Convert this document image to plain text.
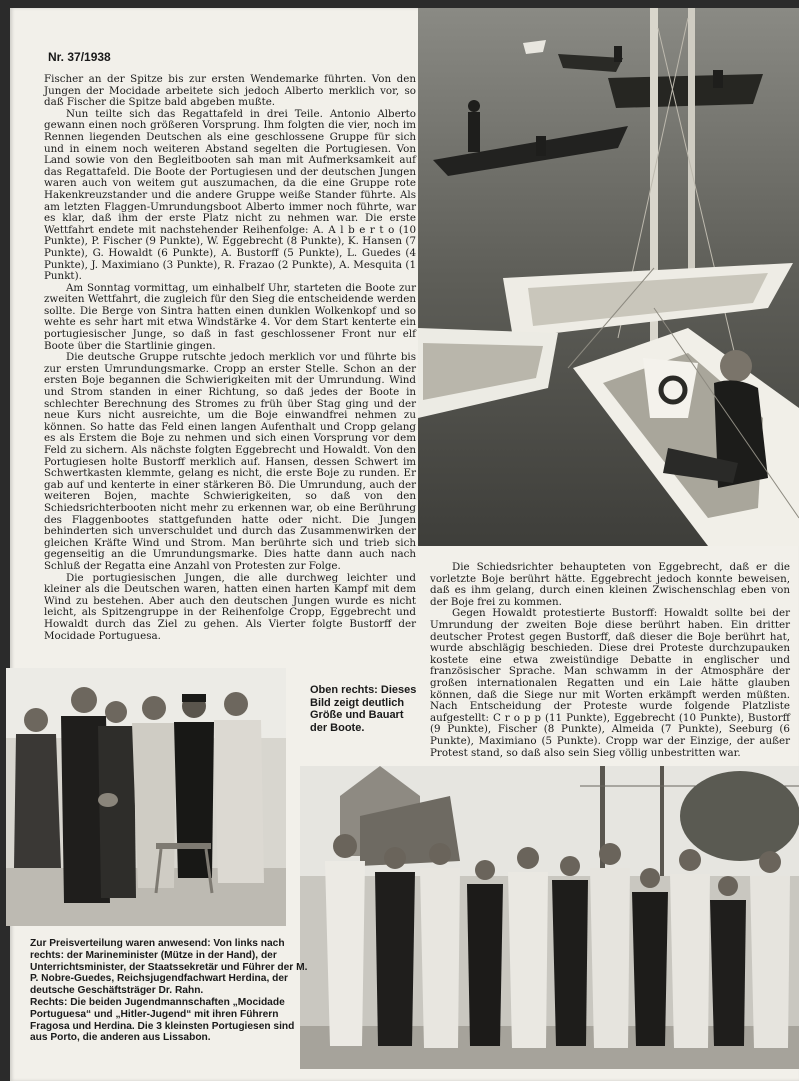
Nr. 37/1938

Fischer an der Spitze bis zur ersten Wendemarke führten. Von den Jungen der Mocidade arbeitete sich jedoch Alberto merklich vor, so daß Fischer die Spitze bald abgeben mußte.

Nun teilte sich das Regattafeld in drei Teile. Antonio Alberto gewann einen noch größeren Vorsprung. Ihm folgten die vier, noch im Rennen liegenden Deutschen als eine geschlossene Gruppe für sich und in einem noch weiteren Abstand segelten die Portugiesen. Von Land sowie von den Begleitbooten sah man mit Aufmerksamkeit auf das Regattafeld. Die Boote der Portugiesen und der deutschen Jungen waren auch von weitem gut auszumachen, da die eine Gruppe rote Hakenkreuzstander und die andere Gruppe weiße Stander führte. Als am letzten Flaggen-Umrundungsboot Alberto immer noch führte, war es klar, daß ihm der erste Platz nicht zu nehmen war. Die erste Wettfahrt endete mit nachstehender Reihenfolge: A. A l b e r t o (10 Punkte), P. Fischer (9 Punkte), W. Eggebrecht (8 Punkte), K. Hansen (7 Punkte), G. Howaldt (6 Punkte), A. Bustorff (5 Punkte), L. Guedes (4 Punkte), J. Maximiano (3 Punkte), R. Frazao (2 Punkte), A. Mesquita (1 Punkt).

Am Sonntag vormittag, um einhalbelf Uhr, starteten die Boote zur zweiten Wettfahrt, die zugleich für den Sieg die entscheidende werden sollte. Die Berge von Sintra hatten einen dunklen Wolkenkopf und so wehte es sehr hart mit etwa Windstärke 4. Vor dem Start kenterte ein portugiesischer Junge, so daß in fast geschlossener Front nur elf Boote über die Startlinie gingen.

Die deutsche Gruppe rutschte jedoch merklich vor und führte bis zur ersten Umrundungsmarke. Cropp an erster Stelle. Schon an der ersten Boje begannen die Schwierigkeiten mit der Umrundung. Wind und Strom standen in einer Richtung, so daß jedes der Boote in schlechter Berechnung des Stromes zu früh über Stag ging und der neue Kurs nicht ausreichte, um die Boje einwandfrei nehmen zu können. So hatte das Feld einen langen Aufenthalt und Cropp gelang es als Erstem die Boje zu nehmen und sich einen Vorsprung vor dem Feld zu sichern. Als nächste folgten Eggebrecht und Howaldt. Von den Portugiesen holte Bustorff merklich auf. Hansen, dessen Schwert im Schwertkasten klemmte, gelang es nicht, die erste Boje zu runden. Er gab auf und kenterte in einer stärkeren Bö. Die Umrundung, auch der weiteren Bojen, machte Schwierigkeiten, so daß von den Schiedsrichterbooten nicht mehr zu erkennen war, ob eine Berührung des Flaggenbootes stattgefunden hatte oder nicht. Die Jungen behinderten sich unverschuldet und durch das Zusammenwirken der gleichen Kräfte Wind und Strom. Man berührte sich und trieb sich gegenseitig an die Umrundungsmarke. Dies hatte dann auch nach Schluß der Regatta eine Anzahl von Protesten zur Folge.

Die portugiesischen Jungen, die alle durchweg leichter und kleiner als die Deutschen waren, hatten einen harten Kampf mit dem Wind zu bestehen. Aber auch den deutschen Jungen wurde es nicht leicht, als Spitzengruppe in der Reihenfolge Cropp, Eggebrecht und Howaldt durch das Ziel zu gehen. Als Vierter folgte Bustorff der Mocidade Portuguesa.

Die Schiedsrichter behaupteten von Eggebrecht, daß er die vorletzte Boje berührt hätte. Eggebrecht jedoch konnte beweisen, daß es ihm gelang, durch einen kleinen Zwischenschlag eben von der Boje frei zu kommen.

Gegen Howaldt protestierte Bustorff: Howaldt sollte bei der Umrundung der zweiten Boje diese berührt haben. Ein dritter deutscher Protest gegen Bustorff, daß dieser die Boje berührt hat, wurde abschlägig beschieden. Diese drei Proteste durchzupauken kostete eine etwa zweistündige Debatte in englischer und französischer Sprache. Man schwamm in der Atmosphäre der großen internationalen Regatten und ein Laie hätte glauben können, daß die Siege nur mit Worten erkämpft werden müßten. Nach Entscheidung der Proteste wurde folgende Platzliste aufgestellt: C r o p p (11 Punkte), Eggebrecht (10 Punkte), Bustorff (9 Punkte), Fischer (8 Punkte), Almeida (7 Punkte), Seeburg (6 Punkte), Maximiano (5 Punkte). Cropp war der Einzige, der außer Protest stand, so daß also sein Sieg völlig unbestritten war.

Oben rechts: Dieses Bild zeigt deutlich Größe und Bauart der Boote.

Zur Preisverteilung waren anwesend: Von links nach rechts: der Marineminister (Mütze in der Hand), der Unterrichtsminister, der Staatssekretär und Führer der M. P. Nobre-Guedes, Reichsjugendfachwart Herdina, der deutsche Geschäftsträger Dr. Rahn.

Rechts: Die beiden Jugendmannschaften „Mocidade Portuguesa“ und „Hitler-Jugend“ mit ihren Führern Fragosa und Herdina. Die 3 kleinsten Portugiesen sind aus Porto, die anderen aus Lissabon.
